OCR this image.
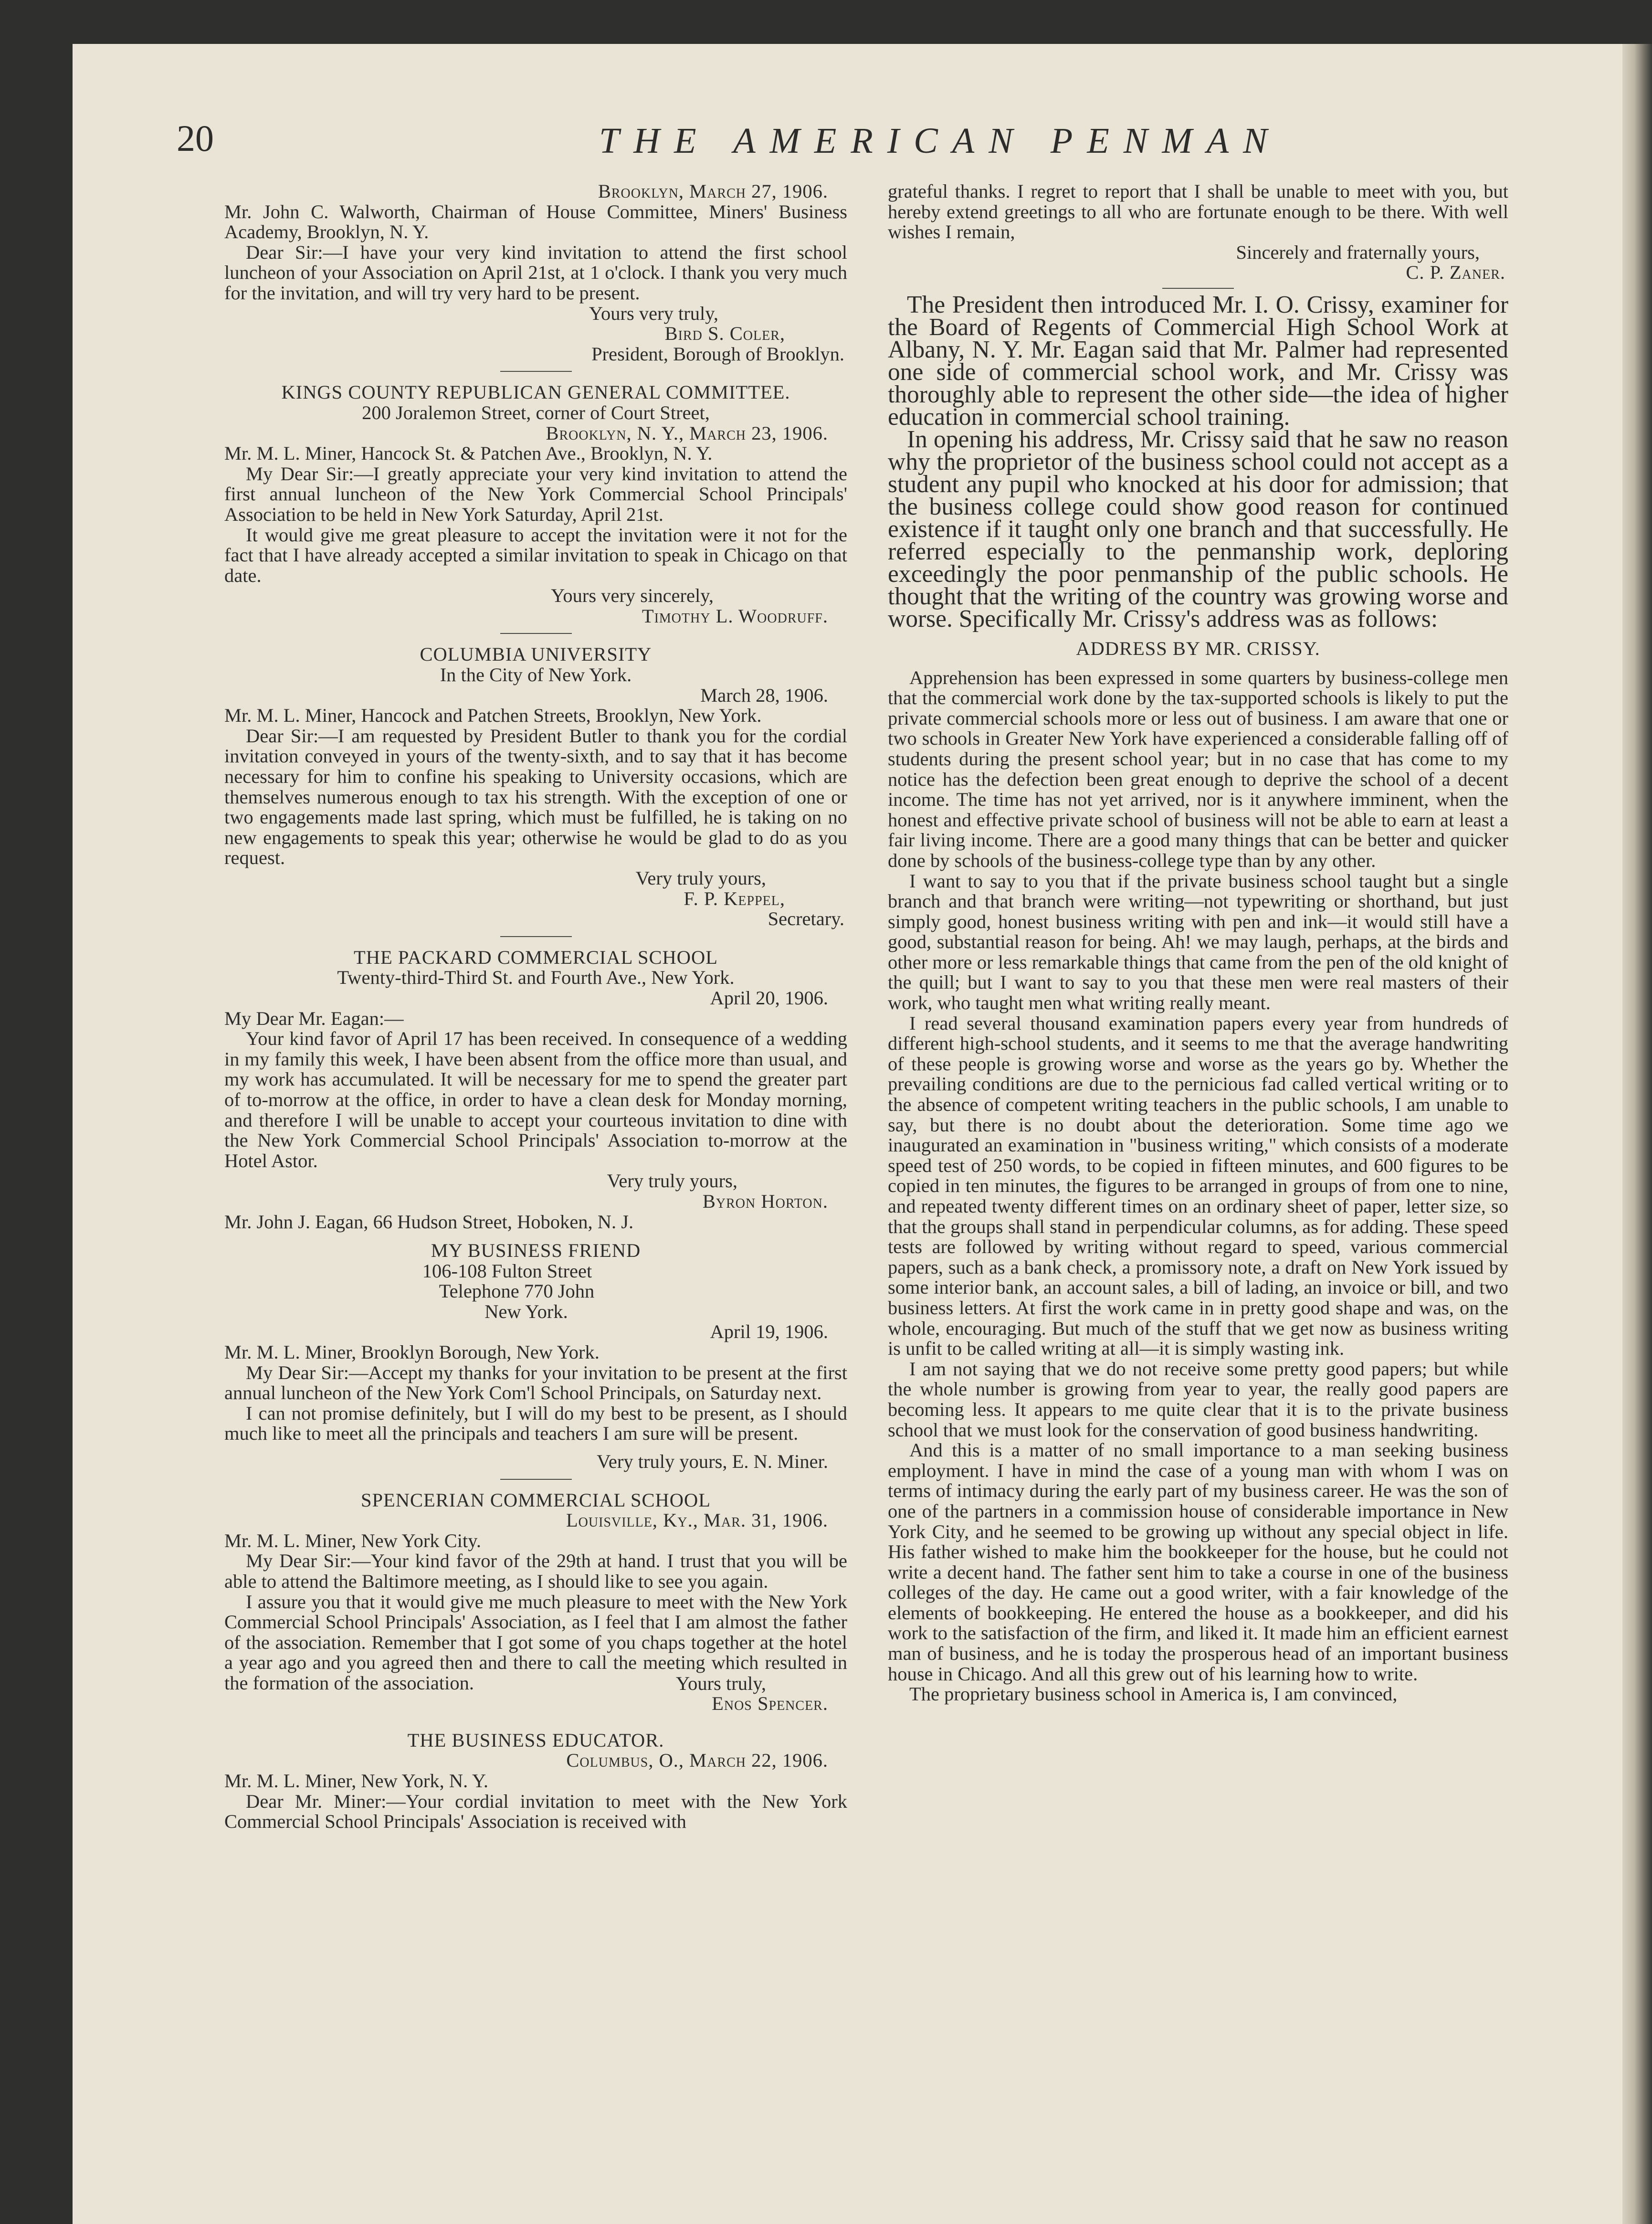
20	THE AMERICAN PENMAN

Brooklyn, March 27, 1906.

Mr. John C. Walworth, Chairman of House Committee, Miners' Business Academy, Brooklyn, N. Y.

Dear Sir:—I have your very kind invitation to attend the first school luncheon of your Association on April 21st, at 1 o'clock. I thank you very much for the invitation, and will try very hard to be present.

Yours very truly,

Bird S. Coler,

President, Borough of Brooklyn.

KINGS COUNTY REPUBLICAN GENERAL COMMITTEE.

200 Joralemon Street, corner of Court Street,

Brooklyn, N. Y., March 23, 1906.

Mr. M. L. Miner, Hancock St. & Patchen Ave., Brooklyn, N. Y.

My Dear Sir:—I greatly appreciate your very kind invitation to attend the first annual luncheon of the New York Commercial School Principals' Association to be held in New York Saturday, April 21st.

It would give me great pleasure to accept the invitation were it not for the fact that I have already accepted a similar invitation to speak in Chicago on that date.

Yours very sincerely,

Timothy L. Woodruff.

COLUMBIA UNIVERSITY

In the City of New York.

March 28, 1906.

Mr. M. L. Miner, Hancock and Patchen Streets, Brooklyn, New York.

Dear Sir:—I am requested by President Butler to thank you for the cordial invitation conveyed in yours of the twenty-sixth, and to say that it has become necessary for him to confine his speaking to University occasions, which are themselves numerous enough to tax his strength. With the exception of one or two engagements made last spring, which must be fulfilled, he is taking on no new engagements to speak this year; otherwise he would be glad to do as you request.

Very truly yours,

F. P. Keppel,

Secretary.

THE PACKARD COMMERCIAL SCHOOL

Twenty-third-Third St. and Fourth Ave., New York.

April 20, 1906.

My Dear Mr. Eagan:—

Your kind favor of April 17 has been received. In consequence of a wedding in my family this week, I have been absent from the office more than usual, and my work has accumulated. It will be necessary for me to spend the greater part of to-morrow at the office, in order to have a clean desk for Monday morning, and therefore I will be unable to accept your courteous invitation to dine with the New York Commercial School Principals' Association to-morrow at the Hotel Astor.

Very truly yours,

Byron Horton.

Mr. John J. Eagan, 66 Hudson Street, Hoboken, N. J.

MY BUSINESS FRIEND

106-108 Fulton Street

Telephone 770 John

New York.

April 19, 1906.

Mr. M. L. Miner, Brooklyn Borough, New York.

My Dear Sir:—Accept my thanks for your invitation to be present at the first annual luncheon of the New York Com'l School Principals, on Saturday next.

I can not promise definitely, but I will do my best to be present, as I should much like to meet all the principals and teachers I am sure will be present.

Very truly yours, E. N. Miner.

SPENCERIAN COMMERCIAL SCHOOL

Louisville, Ky., Mar. 31, 1906.

Mr. M. L. Miner, New York City.

My Dear Sir:—Your kind favor of the 29th at hand. I trust that you will be able to attend the Baltimore meeting, as I should like to see you again.

I assure you that it would give me much pleasure to meet with the New York Commercial School Principals' Association, as I feel that I am almost the father of the association. Remember that I got some of you chaps together at the hotel a year ago and you agreed then and there to call the meeting which resulted in the formation of the association.	Yours truly,

Enos Spencer.

THE BUSINESS EDUCATOR.

Columbus, O., March 22, 1906.

Mr. M. L. Miner, New York, N. Y.

Dear Mr. Miner:—Your cordial invitation to meet with the New York Commercial School Principals' Association is received with

grateful thanks. I regret to report that I shall be unable to meet with you, but hereby extend greetings to all who are fortunate enough to be there. With well wishes I remain,

Sincerely and fraternally yours,

C. P. Zaner.

The President then introduced Mr. I. O. Crissy, examiner for the Board of Regents of Commercial High School Work at Albany, N. Y. Mr. Eagan said that Mr. Palmer had represented one side of commercial school work, and Mr. Crissy was thoroughly able to represent the other side—the idea of higher education in commercial school training.

In opening his address, Mr. Crissy said that he saw no reason why the proprietor of the business school could not accept as a student any pupil who knocked at his door for admission; that the business college could show good reason for continued existence if it taught only one branch and that successfully. He referred especially to the penmanship work, deploring exceedingly the poor penmanship of the public schools. He thought that the writing of the country was growing worse and worse. Specifically Mr. Crissy's address was as follows:

ADDRESS BY MR. CRISSY.

Apprehension has been expressed in some quarters by business-college men that the commercial work done by the tax-supported schools is likely to put the private commercial schools more or less out of business. I am aware that one or two schools in Greater New York have experienced a considerable falling off of students during the present school year; but in no case that has come to my notice has the defection been great enough to deprive the school of a decent income. The time has not yet arrived, nor is it anywhere imminent, when the honest and effective private school of business will not be able to earn at least a fair living income. There are a good many things that can be better and quicker done by schools of the business-college type than by any other.

I want to say to you that if the private business school taught but a single branch and that branch were writing—not typewriting or shorthand, but just simply good, honest business writing with pen and ink—it would still have a good, substantial reason for being. Ah! we may laugh, perhaps, at the birds and other more or less remarkable things that came from the pen of the old knight of the quill; but I want to say to you that these men were real masters of their work, who taught men what writing really meant.

I read several thousand examination papers every year from hundreds of different high-school students, and it seems to me that the average handwriting of these people is growing worse and worse as the years go by. Whether the prevailing conditions are due to the pernicious fad called vertical writing or to the absence of competent writing teachers in the public schools, I am unable to say, but there is no doubt about the deterioration. Some time ago we inaugurated an examination in "business writing," which consists of a moderate speed test of 250 words, to be copied in fifteen minutes, and 600 figures to be copied in ten minutes, the figures to be arranged in groups of from one to nine, and repeated twenty different times on an ordinary sheet of paper, letter size, so that the groups shall stand in perpendicular columns, as for adding. These speed tests are followed by writing without regard to speed, various commercial papers, such as a bank check, a promissory note, a draft on New York issued by some interior bank, an account sales, a bill of lading, an invoice or bill, and two business letters. At first the work came in in pretty good shape and was, on the whole, encouraging. But much of the stuff that we get now as business writing is unfit to be called writing at all—it is simply wasting ink.

I am not saying that we do not receive some pretty good papers; but while the whole number is growing from year to year, the really good papers are becoming less. It appears to me quite clear that it is to the private business school that we must look for the conservation of good business handwriting.

And this is a matter of no small importance to a man seeking business employment. I have in mind the case of a young man with whom I was on terms of intimacy during the early part of my business career. He was the son of one of the partners in a commission house of considerable importance in New York City, and he seemed to be growing up without any special object in life. His father wished to make him the bookkeeper for the house, but he could not write a decent hand. The father sent him to take a course in one of the business colleges of the day. He came out a good writer, with a fair knowledge of the elements of bookkeeping. He entered the house as a bookkeeper, and did his work to the satisfaction of the firm, and liked it. It made him an efficient earnest man of business, and he is today the prosperous head of an important business house in Chicago. And all this grew out of his learning how to write.

The proprietary business school in America is, I am convinced,
